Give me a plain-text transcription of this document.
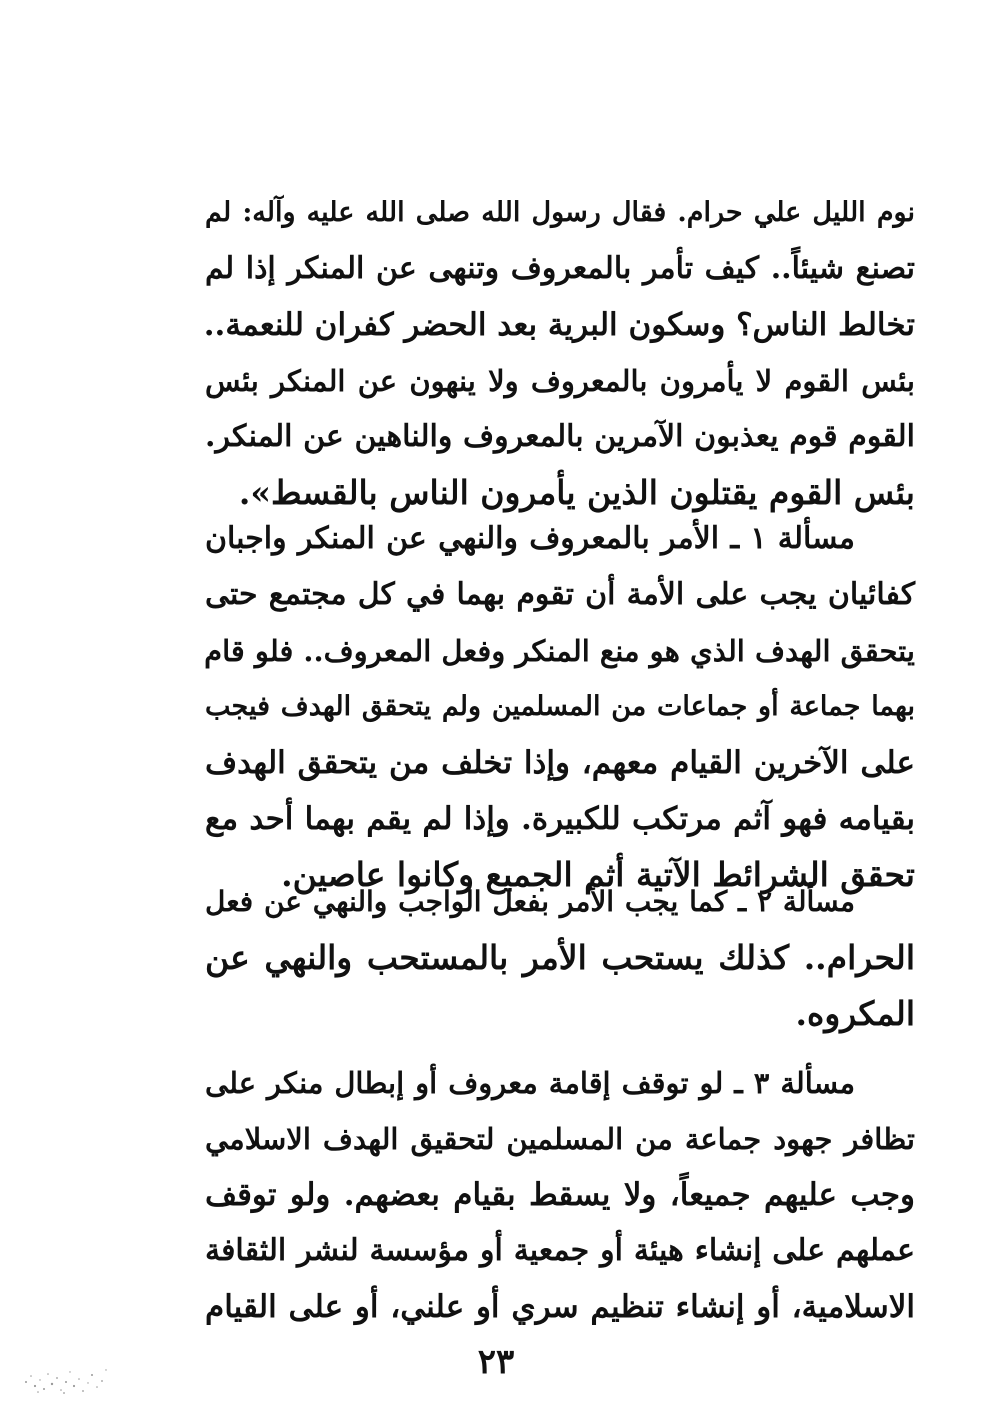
نوم الليل علي حرام. فقال رسول الله صلى الله عليه وآله: لم
تصنع شيئاً.. كيف تأمر بالمعروف وتنهى عن المنكر إذا لم
تخالط الناس؟ وسكون البرية بعد الحضر كفران للنعمة..
بئس القوم لا يأمرون بالمعروف ولا ينهون عن المنكر بئس
القوم قوم يعذبون الآمرين بالمعروف والناهين عن المنكر.
بئس القوم يقتلون الذين يأمرون الناس بالقسط».
مسألة ١ ـ الأمر بالمعروف والنهي عن المنكر واجبان
كفائيان يجب على الأمة أن تقوم بهما في كل مجتمع حتى
يتحقق الهدف الذي هو منع المنكر وفعل المعروف.. فلو قام
بهما جماعة أو جماعات من المسلمين ولم يتحقق الهدف فيجب
على الآخرين القيام معهم، وإذا تخلف من يتحقق الهدف
بقيامه فهو آثم مرتكب للكبيرة. وإذا لم يقم بهما أحد مع
تحقق الشرائط الآتية أثم الجميع وكانوا عاصين.
مسألة ٢ ـ كما يجب الأمر بفعل الواجب والنهي عن فعل
الحرام.. كذلك يستحب الأمر بالمستحب والنهي عن
المكروه.
مسألة ٣ ـ لو توقف إقامة معروف أو إبطال منكر على
تظافر جهود جماعة من المسلمين لتحقيق الهدف الاسلامي
وجب عليهم جميعاً، ولا يسقط بقيام بعضهم. ولو توقف
عملهم على إنشاء هيئة أو جمعية أو مؤسسة لنشر الثقافة
الاسلامية، أو إنشاء تنظيم سري أو علني، أو على القيام
٢٣
